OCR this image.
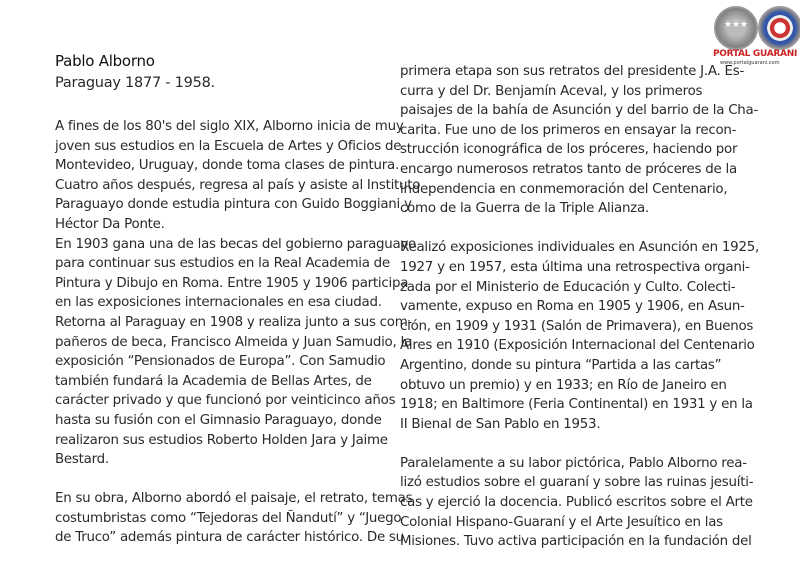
★★★
PORTAL GUARANI
www.portalguarani.com
Pablo Alborno
Paraguay 1877 - 1958.
A fines de los 80's del siglo XIX, Alborno inicia de muy
joven sus estudios en la Escuela de Artes y Oficios de
Montevideo, Uruguay, donde toma clases de pintura.
Cuatro años después, regresa al país y asiste al Instituto
Paraguayo donde estudia pintura con Guido Boggiani y
Héctor Da Ponte.
En 1903 gana una de las becas del gobierno paraguayo
para continuar sus estudios en la Real Academia de
Pintura y Dibujo en Roma. Entre 1905 y 1906 participa
en las exposiciones internacionales en esa ciudad.
Retorna al Paraguay en 1908 y realiza junto a sus com-
pañeros de beca, Francisco Almeida y Juan Samudio, la
exposición “Pensionados de Europa”. Con Samudio
también fundará la Academia de Bellas Artes, de
carácter privado y que funcionó por veinticinco años
hasta su fusión con el Gimnasio Paraguayo, donde
realizaron sus estudios Roberto Holden Jara y Jaime
Bestard.
En su obra, Alborno abordó el paisaje, el retrato, temas
costumbristas como “Tejedoras del Ñandutí” y “Juego
de Truco” además pintura de carácter histórico. De su
primera etapa son sus retratos del presidente J.A. Es-
curra y del Dr. Benjamín Aceval, y los primeros
paisajes de la bahía de Asunción y del barrio de la Cha-
carita. Fue uno de los primeros en ensayar la recon-
strucción iconográfica de los próceres, haciendo por
encargo numerosos retratos tanto de próceres de la
independencia en conmemoración del Centenario,
como de la Guerra de la Triple Alianza.
Realizó exposiciones individuales en Asunción en 1925,
1927 y en 1957, esta última una retrospectiva organi-
zada por el Ministerio de Educación y Culto. Colecti-
vamente, expuso en Roma en 1905 y 1906, en Asun-
ción, en 1909 y 1931 (Salón de Primavera), en Buenos
Aires en 1910 (Exposición Internacional del Centenario
Argentino, donde su pintura “Partida a las cartas”
obtuvo un premio) y en 1933; en Río de Janeiro en
1918; en Baltimore (Feria Continental) en 1931 y en la
II Bienal de San Pablo en 1953.
Paralelamente a su labor pictórica, Pablo Alborno rea-
lizó estudios sobre el guaraní y sobre las ruinas jesuíti-
cas y ejerció la docencia. Publicó escritos sobre el Arte
Colonial Hispano-Guaraní y el Arte Jesuítico en las
Misiones. Tuvo activa participación en la fundación del
